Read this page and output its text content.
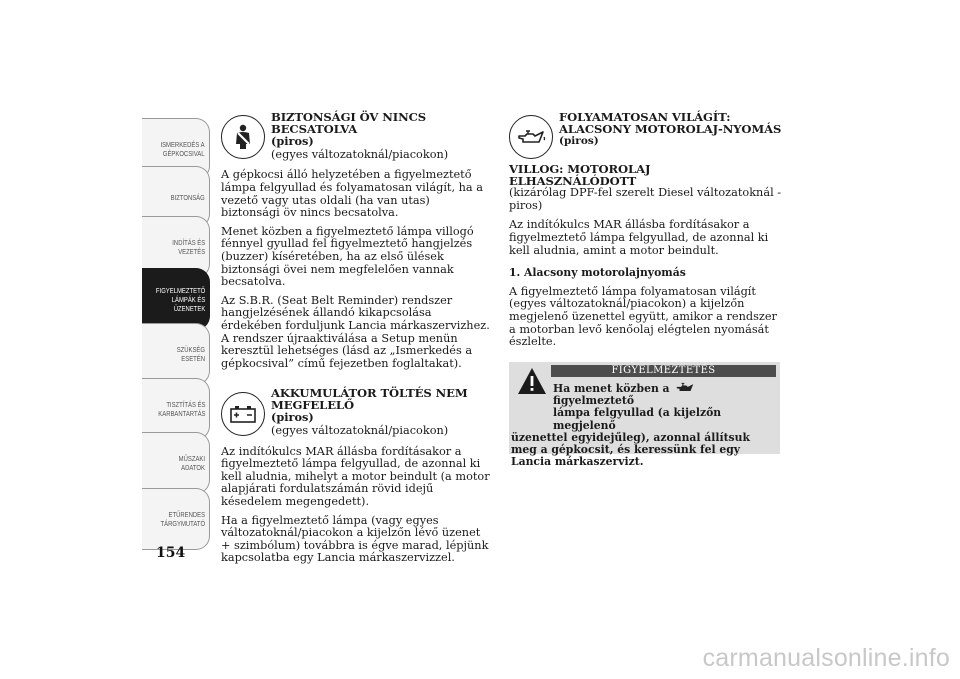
ISMERKEDÉS A
GÉPKOCSIVAL
BIZTONSÁG
INDÍTÁS ÉS
VEZETÉS
FIGYELMEZTETŐ
LÁMPÁK ÉS
ÜZENETEK
SZÜKSÉG ESETÉN
TISZTÍTÁS ÉS
KARBANTARTÁS
MŰSZAKI ADATOK
ETŰRENDES
TÁRGYMUTATÓ
154
BIZTONSÁGI ÖV NINCS BECSATOLVA
(piros)
(egyes változatoknál/piacokon)

A gépkocsi álló helyzetében a figyelmeztető lámpa felgyullad és folyamatosan világít, ha a vezető vagy utas oldali (ha van utas) biztonsági öv nincs becsatolva.

Menet közben a figyelmeztető lámpa villogó fénnyel gyullad fel figyelmeztető hangjelzés (buzzer) kíséretében, ha az első ülések biztonsági övei nem megfelelően vannak becsatolva.

Az S.B.R. (Seat Belt Reminder) rendszer hangjelzésének állandó kikapcsolása érdekében forduljunk Lancia márkaszervizhez. A rendszer újraaktiválása a Setup menün keresztül lehetséges (lásd az „Ismerkedés a gépkocsival” című fejezetben foglaltakat).

AKKUMULÁTOR TÖLTÉS NEM MEGFELELŐ
(piros)
(egyes változatoknál/piacokon)

Az indítókulcs MAR állásba fordításakor a figyelmeztető lámpa felgyullad, de azonnal ki kell aludnia, mihelyt a motor beindult (a motor alapjárati fordulatszámán rövid idejű késedelem megengedett).

Ha a figyelmeztető lámpa (vagy egyes változatoknál/piacokon a kijelzőn lévő üzenet + szimbólum) továbbra is égve marad, lépjünk kapcsolatba egy Lancia márkaszervizzel.

FOLYAMATOSAN VILÁGÍT: ALACSONY MOTOROLAJ-NYOMÁS
(piros)
VILLOG: MOTOROLAJ ELHASZNÁLÓDOTT
(kizárólag DPF-fel szerelt Diesel változatoknál - piros)

Az indítókulcs MAR állásba fordításakor a figyelmeztető lámpa felgyullad, de azonnal ki kell aludnia, amint a motor beindult.

1. Alacsony motorolajnyomás

A figyelmeztető lámpa folyamatosan világít (egyes változatoknál/piacokon) a kijelzőn megjelenő üzenettel együtt, amikor a rendszer a motorban levő kenőolaj elégtelen nyomását észlelte.

FIGYELMEZTETÉS
Ha menet közben a  figyelmeztető
lámpa felgyullad (a kijelzőn megjelenő
üzenettel egyidejűleg), azonnal állítsuk meg a gépkocsit, és keressünk fel egy Lancia márkaszervizt.
carmanualsonline.info
